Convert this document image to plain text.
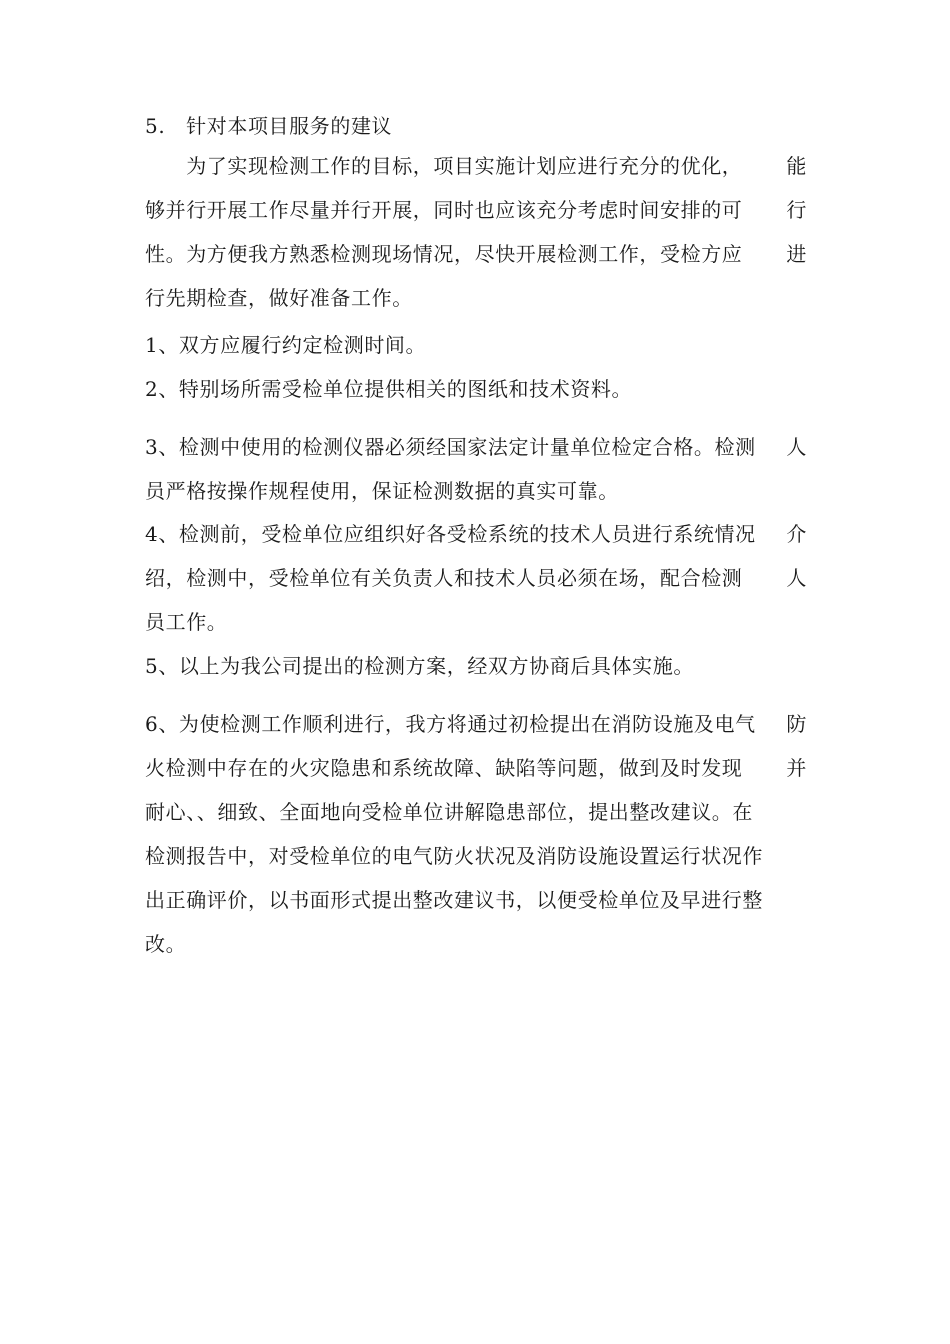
5.   针对本项目服务的建议
　　为了实现检测工作的目标，项目实施计划应进行充分的优化， 能
够并行开展工作尽量并行开展，同时也应该充分考虑时间安排的可 行
性。为方便我方熟悉检测现场情况，尽快开展检测工作，受检方应 进
行先期检查，做好准备工作。
1、双方应履行约定检测时间。
2、特别场所需受检单位提供相关的图纸和技术资料。
3、检测中使用的检测仪器必须经国家法定计量单位检定合格。检测 人
员严格按操作规程使用，保证检测数据的真实可靠。
4、检测前，受检单位应组织好各受检系统的技术人员进行系统情况 介
绍，检测中，受检单位有关负责人和技术人员必须在场，配合检测 人
员工作。
5、以上为我公司提出的检测方案，经双方协商后具体实施。
6、为使检测工作顺利进行，我方将通过初检提出在消防设施及电气 防
火检测中存在的火灾隐患和系统故障、缺陷等问题，做到及时发现 并
耐心、、细致、全面地向受检单位讲解隐患部位，提出整改建议。在
检测报告中，对受检单位的电气防火状况及消防设施设置运行状况作
出正确评价，以书面形式提出整改建议书，以便受检单位及早进行整
改。
